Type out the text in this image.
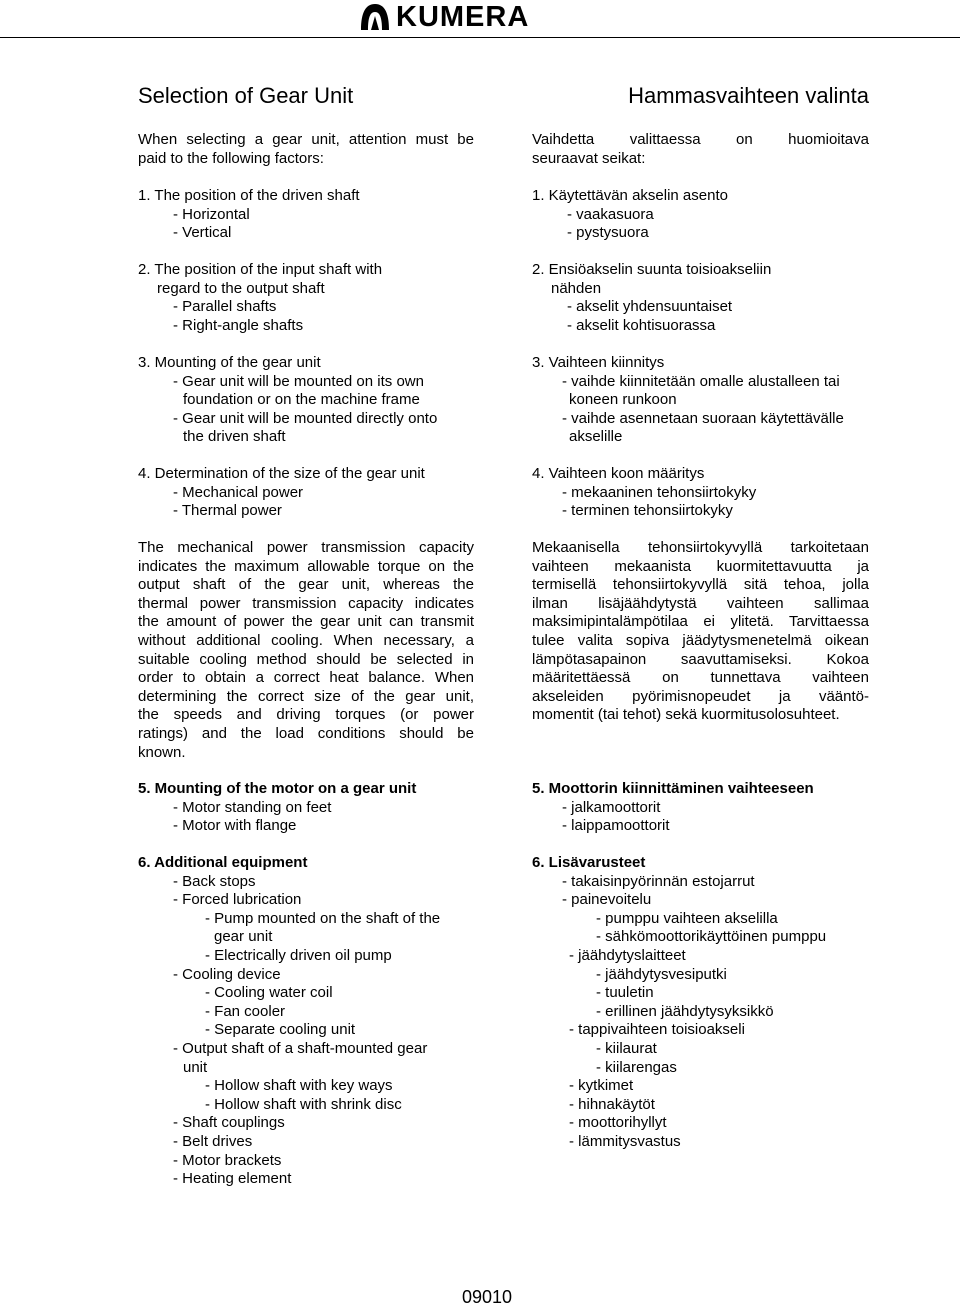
KUMERA
Selection of Gear Unit
When selecting a gear unit, attention must be
paid to the following factors:
1. The position of the driven shaft
- Horizontal
- Vertical
2. The position of the input shaft with
regard to the output shaft
- Parallel shafts
- Right-angle shafts
3. Mounting of the gear unit
- Gear unit will be mounted on its own
foundation or on the machine frame
- Gear unit will be mounted directly onto
the driven shaft
4. Determination of the size of the gear unit
- Mechanical power
- Thermal power
The mechanical power transmission capacity
indicates the maximum allowable torque on the
output shaft of the gear unit, whereas the
thermal power transmission capacity indicates
the amount of power the gear unit can transmit
without additional cooling. When necessary, a
suitable cooling method should be selected in
order to obtain a correct heat balance. When
determining the correct size of the gear unit,
the speeds and driving torques (or power
ratings) and the load conditions should be
known.
5. Mounting of the motor on a gear unit
- Motor standing on feet
- Motor with flange
6. Additional equipment
- Back stops
- Forced lubrication
- Pump mounted on the shaft of the
gear unit
- Electrically driven oil pump
- Cooling device
- Cooling water coil
- Fan cooler
- Separate cooling unit
- Output shaft of a shaft-mounted gear
unit
- Hollow shaft with key ways
- Hollow shaft with shrink disc
- Shaft couplings
- Belt drives
- Motor brackets
- Heating element
Hammasvaihteen valinta
Vaihdetta valittaessa on huomioitava
seuraavat seikat:
1. Käytettävän akselin asento
- vaakasuora
- pystysuora
2. Ensiöakselin suunta toisioakseliin
nähden
- akselit yhdensuuntaiset
- akselit kohtisuorassa
3. Vaihteen kiinnitys
- vaihde kiinnitetään omalle alustalleen tai
koneen runkoon
- vaihde asennetaan suoraan käytettävälle
akselille
4. Vaihteen koon määritys
- mekaaninen tehonsiirtokyky
- terminen tehonsiirtokyky
Mekaanisella tehonsiirtokyvyllä tarkoitetaan
vaihteen mekaanista kuormitettavuutta ja
termisellä tehonsiirtokyvyllä sitä tehoa, jolla
ilman lisäjäähdytystä vaihteen sallimaa
maksimipintalämpötilaa ei ylitetä. Tarvittaessa
tulee valita sopiva jäädytysmenetelmä oikean
lämpötasapainon saavuttamiseksi. Kokoa
määritettäessä on tunnettava vaihteen
akseleiden pyörimisnopeudet ja vääntö-
momentit (tai tehot) sekä kuormitusolosuhteet.
5. Moottorin kiinnittäminen vaihteeseen
- jalkamoottorit
- laippamoottorit
6. Lisävarusteet
- takaisinpyörinnän estojarrut
- painevoitelu
- pumppu vaihteen akselilla
- sähkömoottorikäyttöinen pumppu
- jäähdytyslaitteet
- jäähdytysvesiputki
- tuuletin
- erillinen jäähdytysyksikkö
- tappivaihteen toisioakseli
- kiilaurat
- kiilarengas
- kytkimet
- hihnakäytöt
- moottorihyllyt
- lämmitysvastus
09010
